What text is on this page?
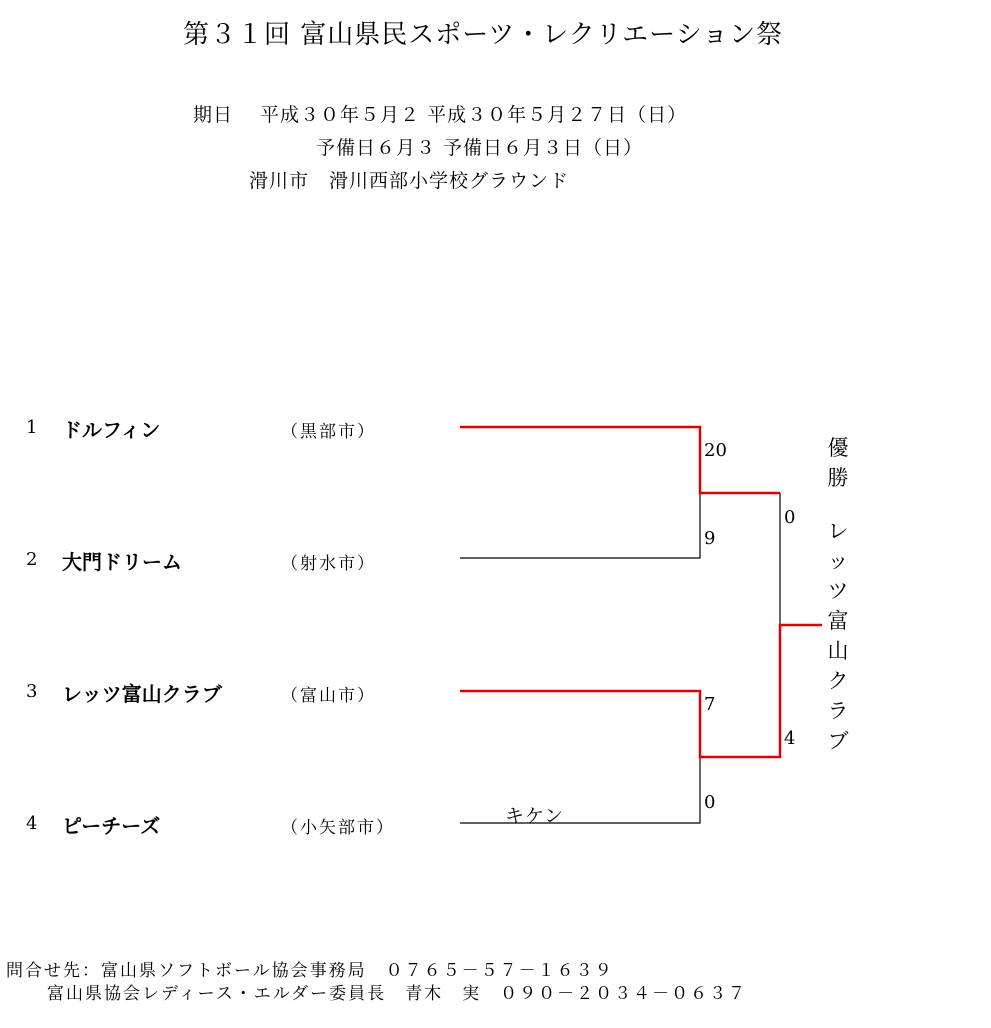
第３１回 富山県民スポーツ・レクリエーション祭
期日　 平成３０年５月２ 平成３０年５月２７日（日）
予備日６月３ 予備日６月３日（日）
滑川市　滑川西部小学校グラウンド
1 ドルフィン	（黒部市）
2 大門ドリーム	（射水市）
3 レッツ富山クラブ	（富山市）
4 ピーチーズ	（小矢部市）
20
9
7
0
0
4
キケン
優勝
レッツ富山クラブ
問合せ先：富山県ソフトボール協会事務局　０７６５－５７－１６３９
富山県協会レディース・エルダー委員長　青木　実　０９０－２０３４－０６３７
